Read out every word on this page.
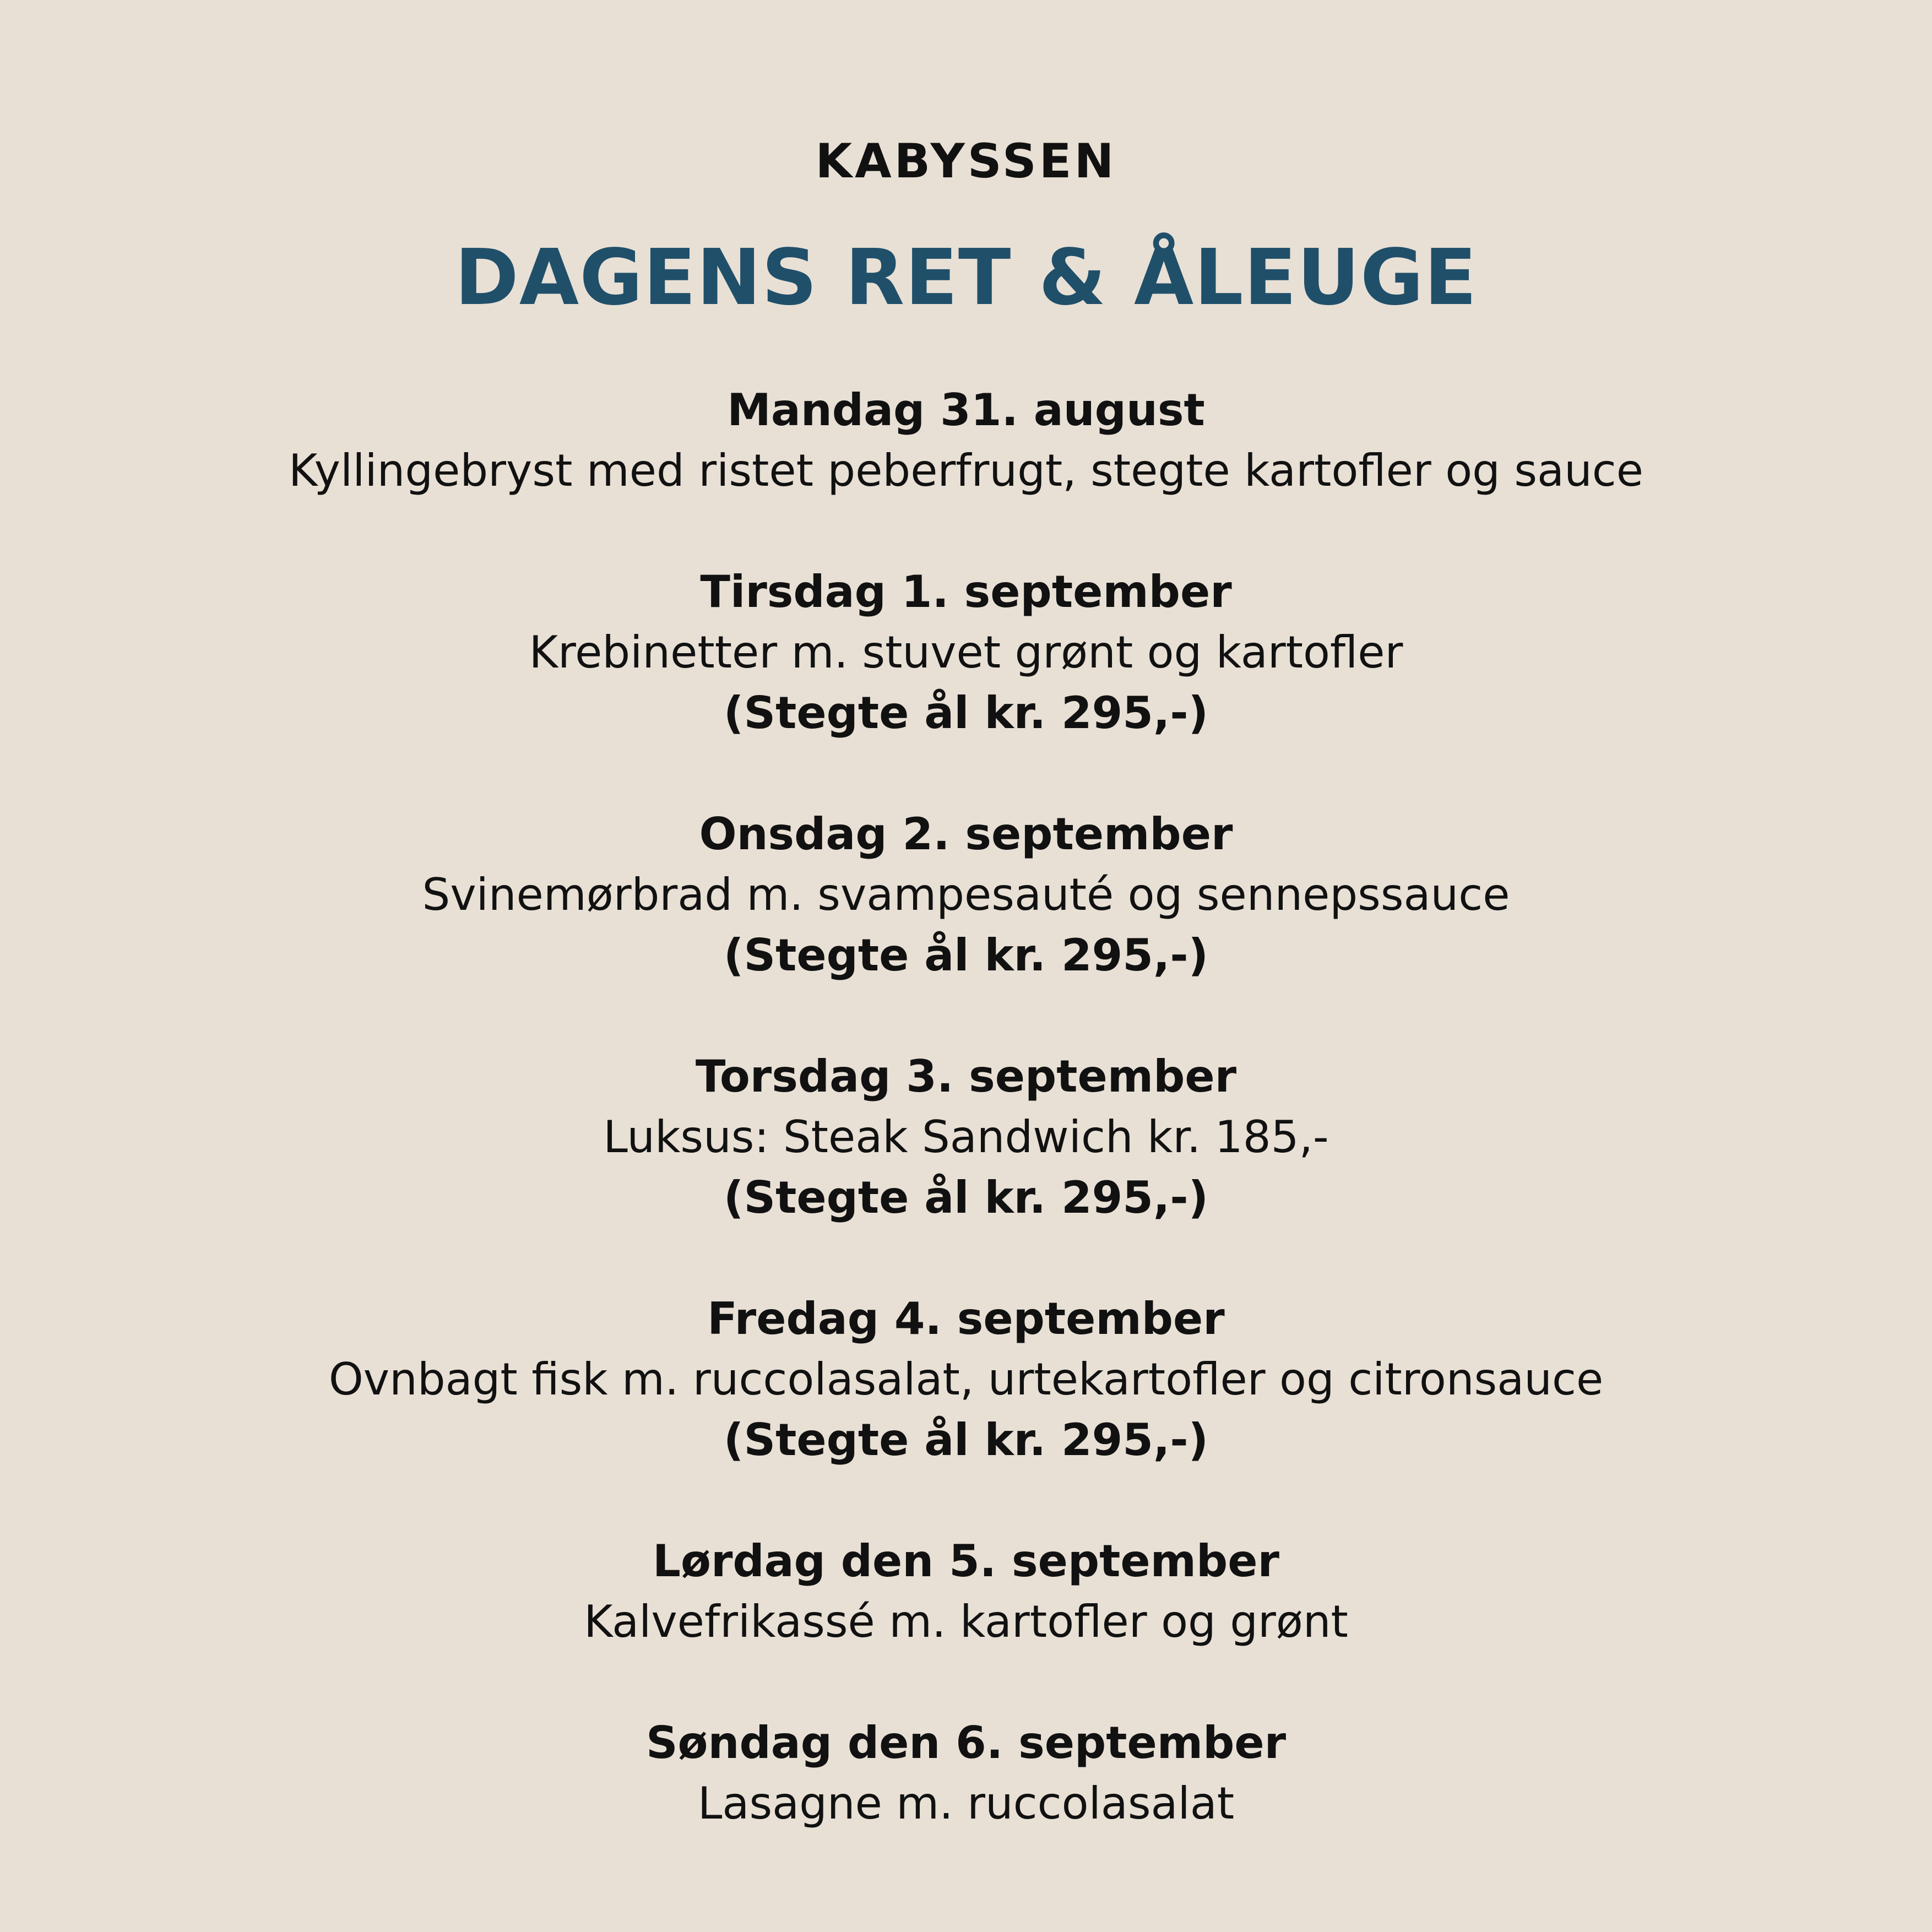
KABYSSEN
DAGENS RET & ÅLEUGE
Mandag 31. august
Kyllingebryst med ristet peberfrugt, stegte kartofler og sauce
Tirsdag 1. september
Krebinetter m. stuvet grønt og kartofler
(Stegte ål kr. 295,-)
Onsdag 2. september
Svinemørbrad m. svampesauté og sennepssauce
(Stegte ål kr. 295,-)
Torsdag 3. september
Luksus: Steak Sandwich kr. 185,-
(Stegte ål kr. 295,-)
Fredag 4. september
Ovnbagt fisk m. ruccolasalat, urtekartofler og citronsauce
(Stegte ål kr. 295,-)
Lørdag den 5. september
Kalvefrikassé m. kartofler og grønt
Søndag den 6. september
Lasagne m. ruccolasalat
